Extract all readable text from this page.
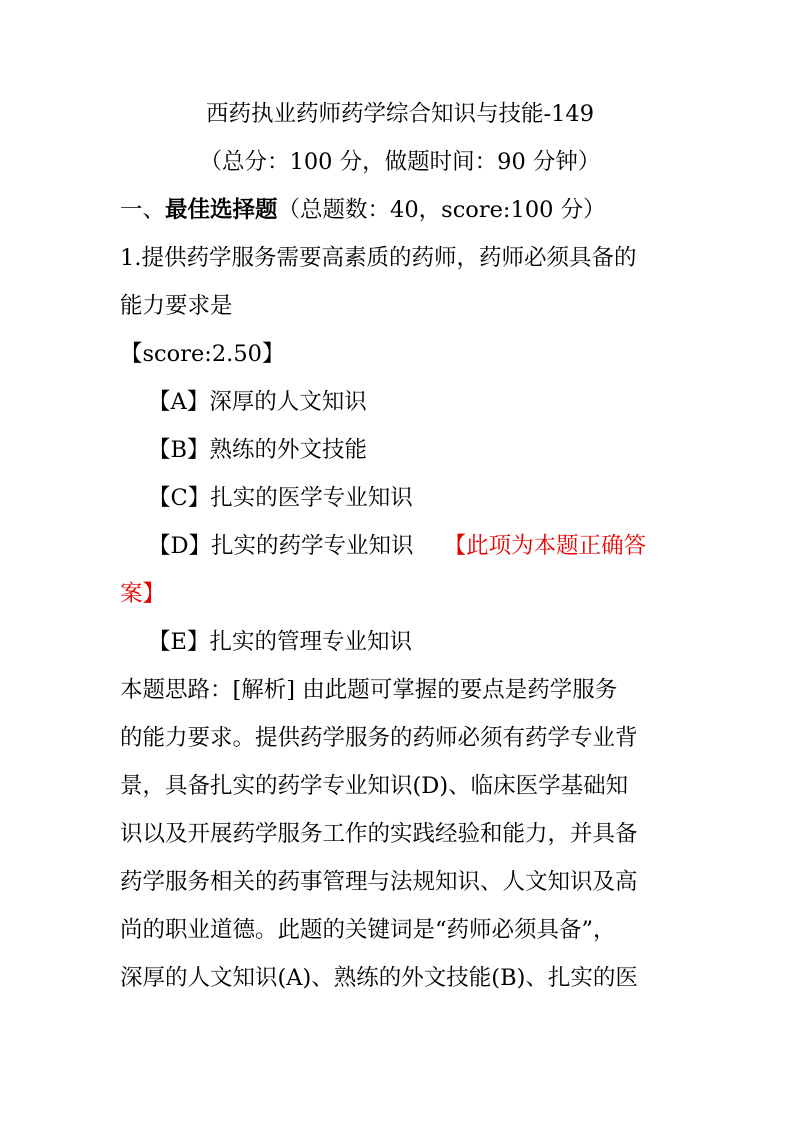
西药执业药师药学综合知识与技能-149
（总分：100 分，做题时间：90 分钟）
一、最佳选择题（总题数：40，score:100 分）
1.提供药学服务需要高素质的药师，药师必须具备的
能力要求是
【score:2.50】
【A】深厚的人文知识
【B】熟练的外文技能
【C】扎实的医学专业知识
【D】扎实的药学专业知识 【此项为本题正确答
案】
【E】扎实的管理专业知识
本题思路：[解析] 由此题可掌握的要点是药学服务
的能力要求。提供药学服务的药师必须有药学专业背
景，具备扎实的药学专业知识(D)、临床医学基础知
识以及开展药学服务工作的实践经验和能力，并具备
药学服务相关的药事管理与法规知识、人文知识及高
尚的职业道德。此题的关键词是“药师必须具备”，
深厚的人文知识(A)、熟练的外文技能(B)、扎实的医
